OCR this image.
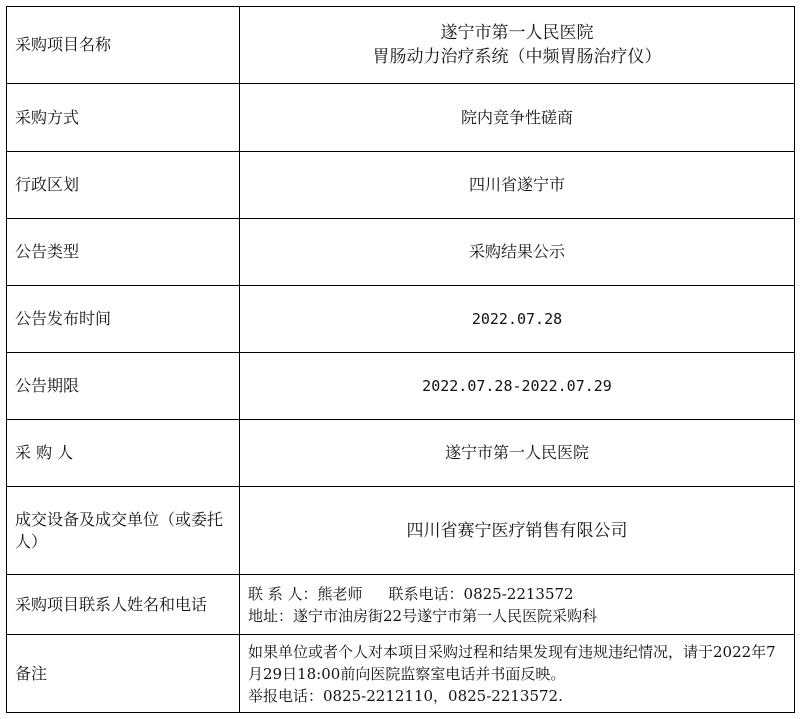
采购项目名称	遂宁市第一人民医院
胃肠动力治疗系统（中频胃肠治疗仪）

采购方式	院内竞争性磋商
行政区划	四川省遂宁市
公告类型	采购结果公示
公告发布时间	2022.07.28
公告期限	2022.07.28-2022.07.29
采 购 人	遂宁市第一人民医院
成交设备及成交单位（或委托人）	四川省赛宁医疗销售有限公司
采购项目联系人姓名和电话	联 系 人：熊老师 联系电话：0825-2213572
地址：遂宁市油房街22号遂宁市第一人民医院采购科

备注	如果单位或者个人对本项目采购过程和结果发现有违规违纪情况，请于2022年7月29日18:00前向医院监察室电话并书面反映。
举报电话：0825-2212110，0825-2213572.
